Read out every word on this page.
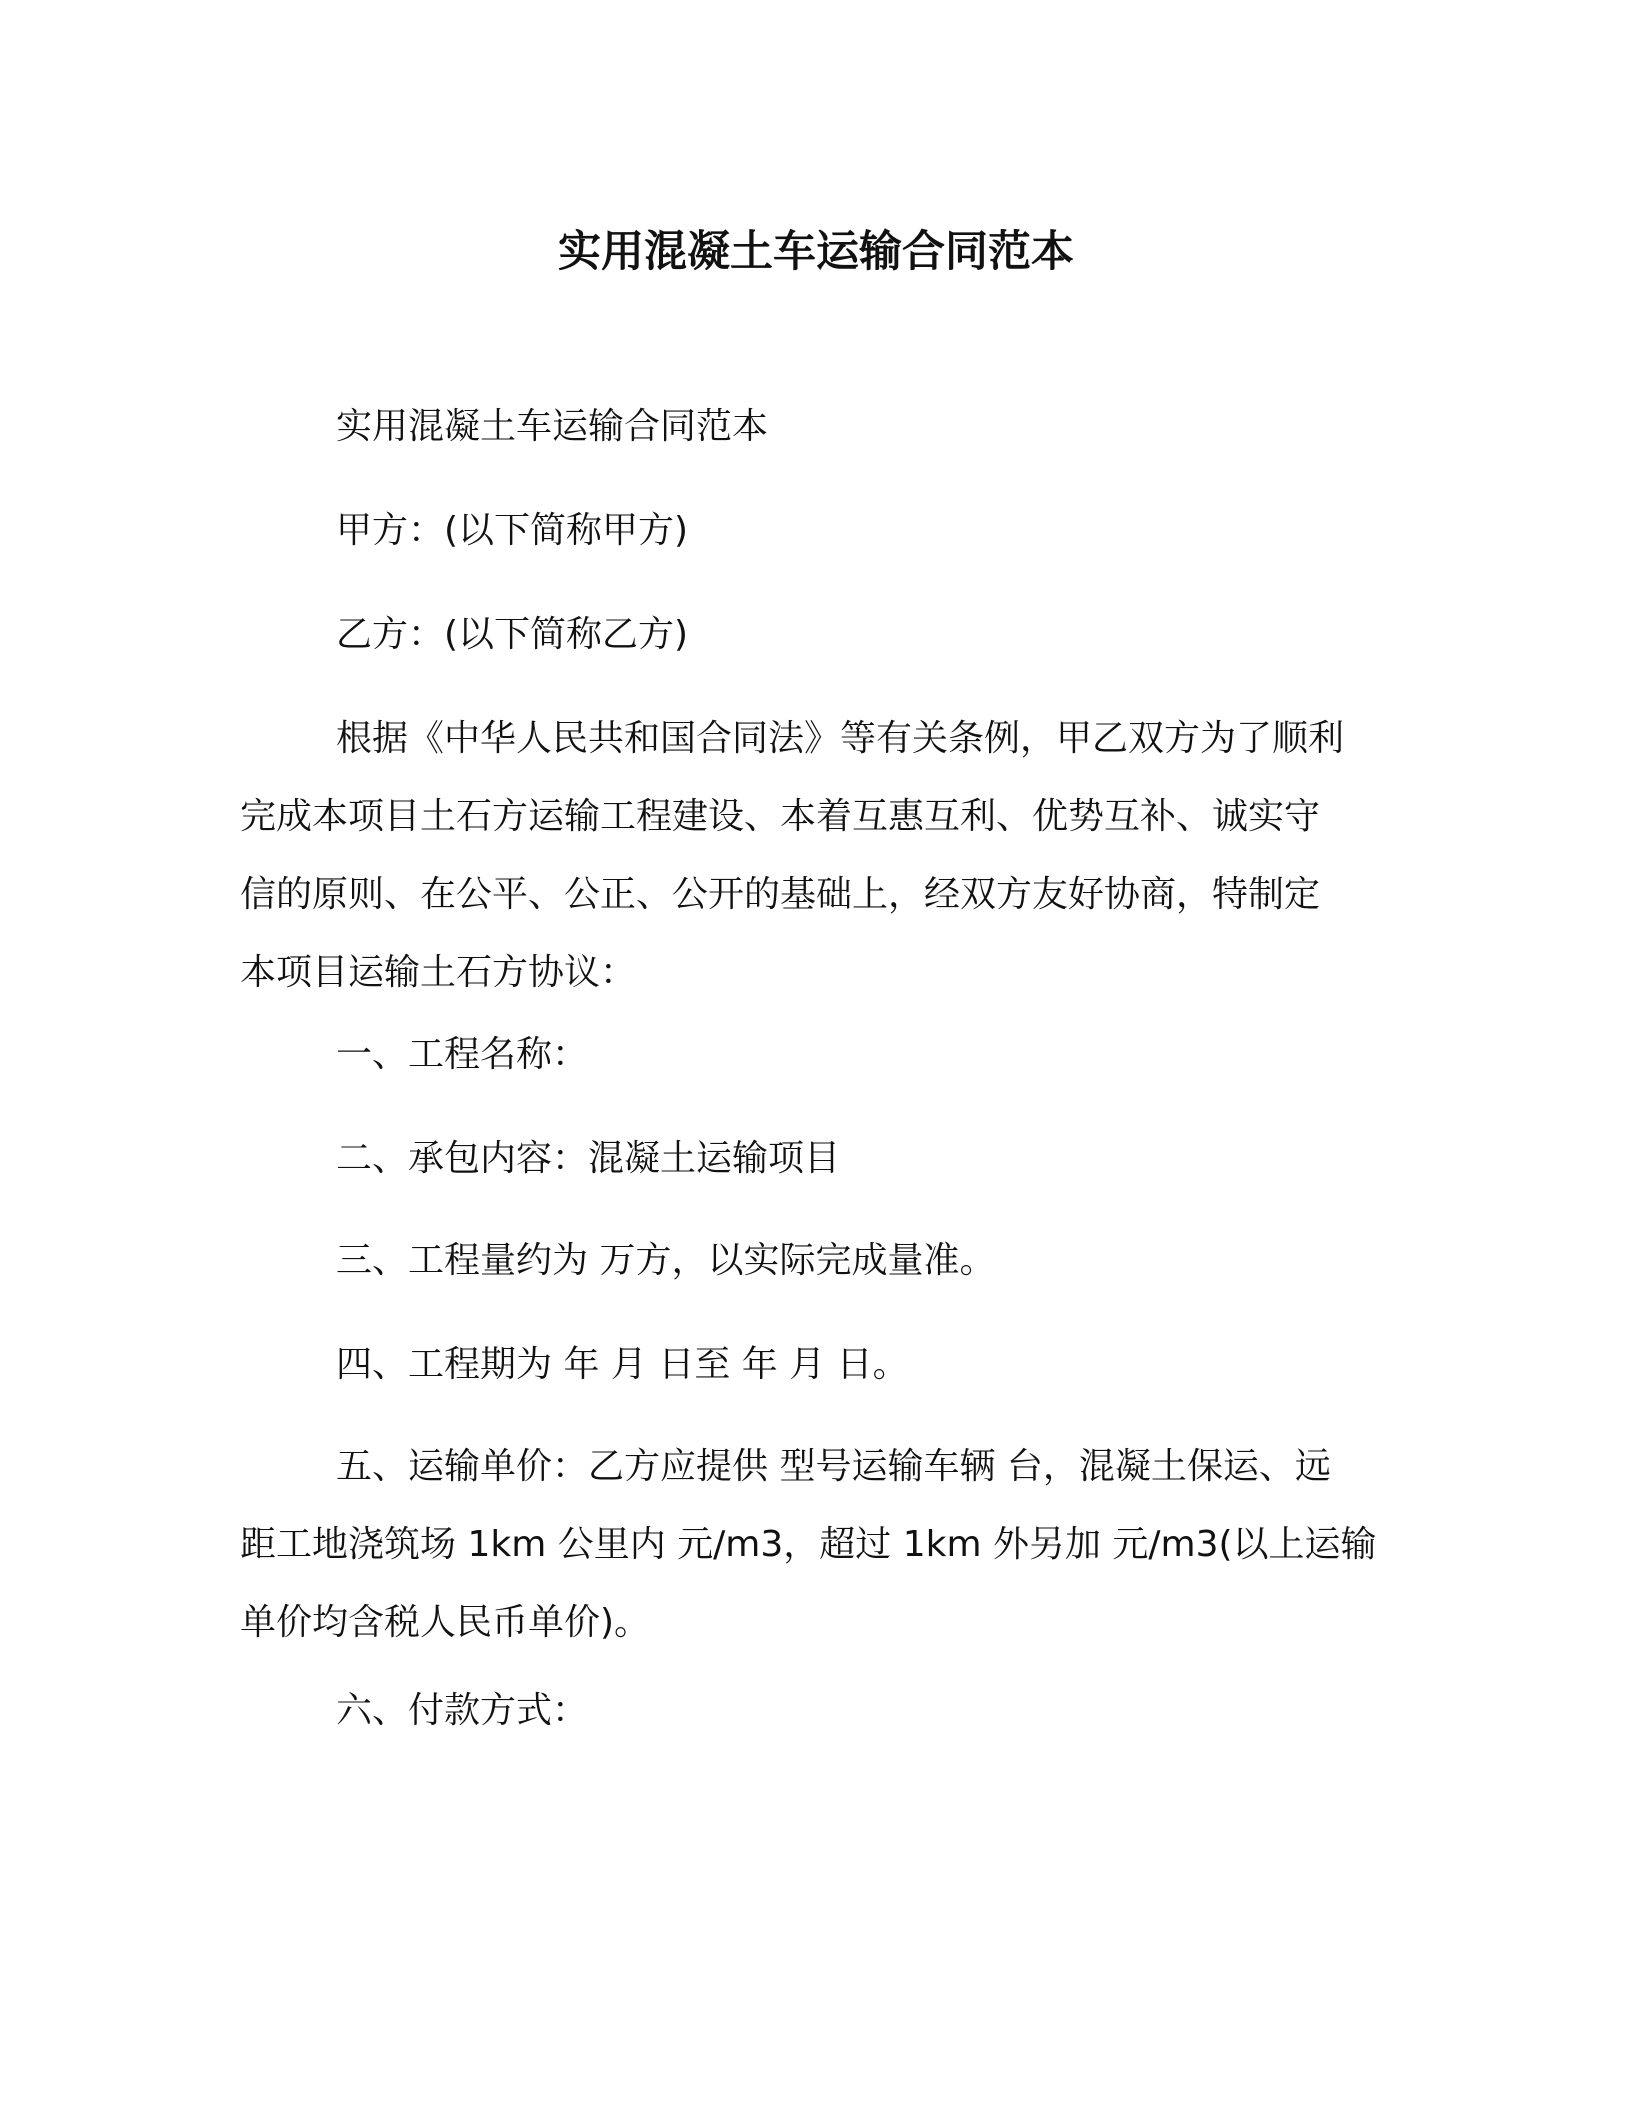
实用混凝土车运输合同范本

实用混凝土车运输合同范本

甲方：(以下简称甲方)

乙方：(以下简称乙方)

根据《中华人民共和国合同法》等有关条例，甲乙双方为了顺利
完成本项目土石方运输工程建设、本着互惠互利、优势互补、诚实守
信的原则、在公平、公正、公开的基础上，经双方友好协商，特制定
本项目运输土石方协议：

一、工程名称：

二、承包内容：混凝土运输项目

三、工程量约为 万方，以实际完成量准。

四、工程期为 年 月 日至 年 月 日。

五、运输单价：乙方应提供 型号运输车辆 台，混凝土保运、远
距工地浇筑场 1km 公里内 元/m3，超过 1km 外另加 元/m3(以上运输
单价均含税人民币单价)。

六、付款方式：
